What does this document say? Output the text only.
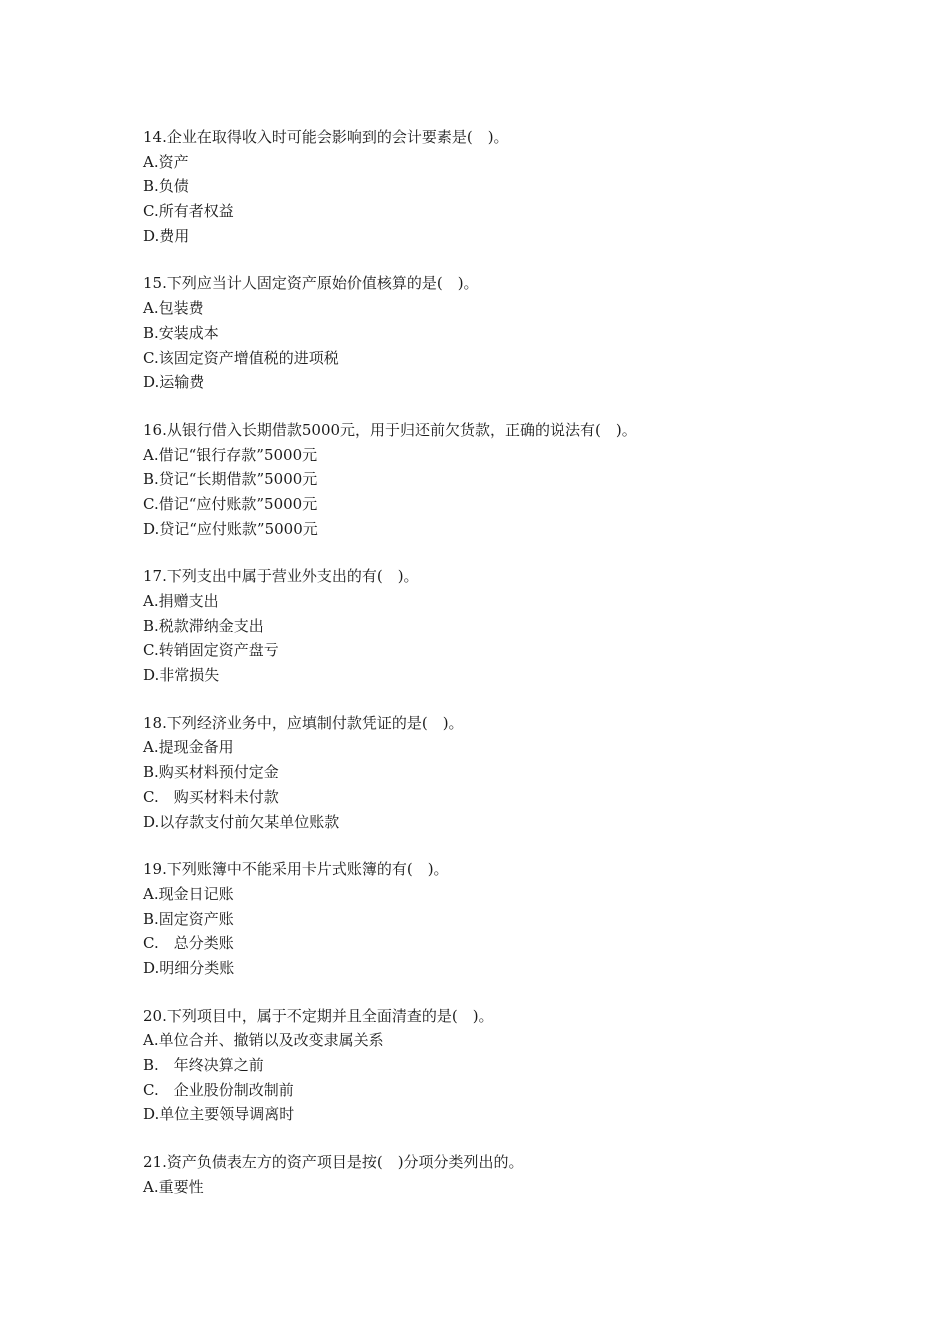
14.企业在取得收入时可能会影响到的会计要素是(　)。
A.资产
B.负债
C.所有者权益
D.费用
15.下列应当计人固定资产原始价值核算的是(　)。
A.包装费
B.安装成本
C.该固定资产增值税的进项税
D.运输费
16.从银行借入长期借款5000元，用于归还前欠货款，正确的说法有(　)。
A.借记“银行存款”5000元
B.贷记“长期借款”5000元
C.借记“应付账款”5000元
D.贷记“应付账款”5000元
17.下列支出中属于营业外支出的有(　)。
A.捐赠支出
B.税款滞纳金支出
C.转销固定资产盘亏
D.非常损失
18.下列经济业务中，应填制付款凭证的是(　)。
A.提现金备用
B.购买材料预付定金
C.　购买材料未付款
D.以存款支付前欠某单位账款
19.下列账簿中不能采用卡片式账簿的有(　)。
A.现金日记账
B.固定资产账
C.　总分类账
D.明细分类账
20.下列项目中，属于不定期并且全面清查的是(　)。
A.单位合并、撤销以及改变隶属关系
B.　年终决算之前
C.　企业股份制改制前
D.单位主要领导调离时
21.资产负债表左方的资产项目是按(　)分项分类列出的。
A.重要性
